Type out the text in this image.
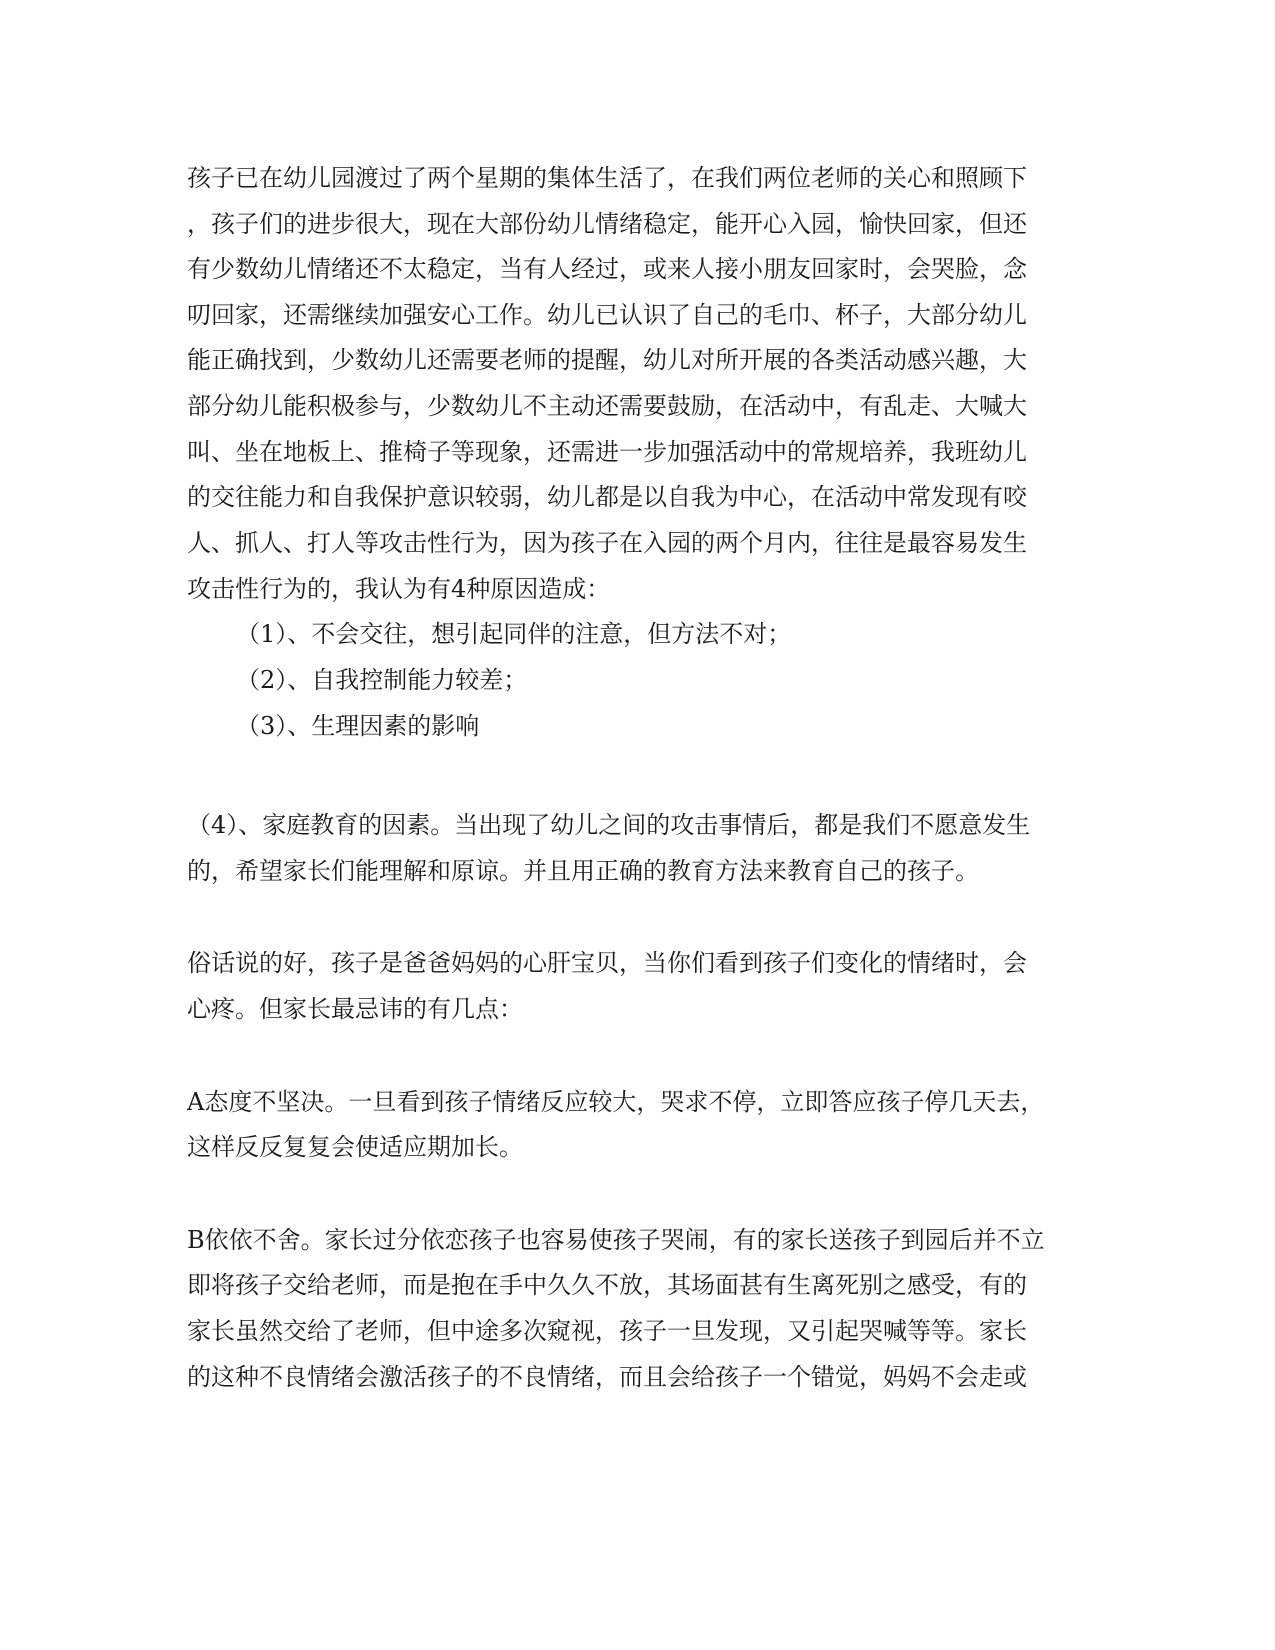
孩子已在幼儿园渡过了两个星期的集体生活了，在我们两位老师的关心和照顾下
，孩子们的进步很大，现在大部份幼儿情绪稳定，能开心入园，愉快回家，但还
有少数幼儿情绪还不太稳定，当有人经过，或来人接小朋友回家时，会哭脸，念
叨回家，还需继续加强安心工作。幼儿已认识了自己的毛巾、杯子，大部分幼儿
能正确找到，少数幼儿还需要老师的提醒，幼儿对所开展的各类活动感兴趣，大
部分幼儿能积极参与，少数幼儿不主动还需要鼓励，在活动中，有乱走、大喊大
叫、坐在地板上、推椅子等现象，还需进一步加强活动中的常规培养，我班幼儿
的交往能力和自我保护意识较弱，幼儿都是以自我为中心，在活动中常发现有咬
人、抓人、打人等攻击性行为，因为孩子在入园的两个月内，往往是最容易发生
攻击性行为的，我认为有4种原因造成：
（1）、不会交往，想引起同伴的注意，但方法不对；
（2）、自我控制能力较差；
（3）、生理因素的影响
（4）、家庭教育的因素。当出现了幼儿之间的攻击事情后，都是我们不愿意发生
的，希望家长们能理解和原谅。并且用正确的教育方法来教育自己的孩子。
俗话说的好，孩子是爸爸妈妈的心肝宝贝，当你们看到孩子们变化的情绪时，会
心疼。但家长最忌讳的有几点：
A态度不坚决。一旦看到孩子情绪反应较大，哭求不停，立即答应孩子停几天去，
这样反反复复会使适应期加长。
B依依不舍。家长过分依恋孩子也容易使孩子哭闹，有的家长送孩子到园后并不立
即将孩子交给老师，而是抱在手中久久不放，其场面甚有生离死别之感受，有的
家长虽然交给了老师，但中途多次窥视，孩子一旦发现，又引起哭喊等等。家长
的这种不良情绪会激活孩子的不良情绪，而且会给孩子一个错觉，妈妈不会走或
